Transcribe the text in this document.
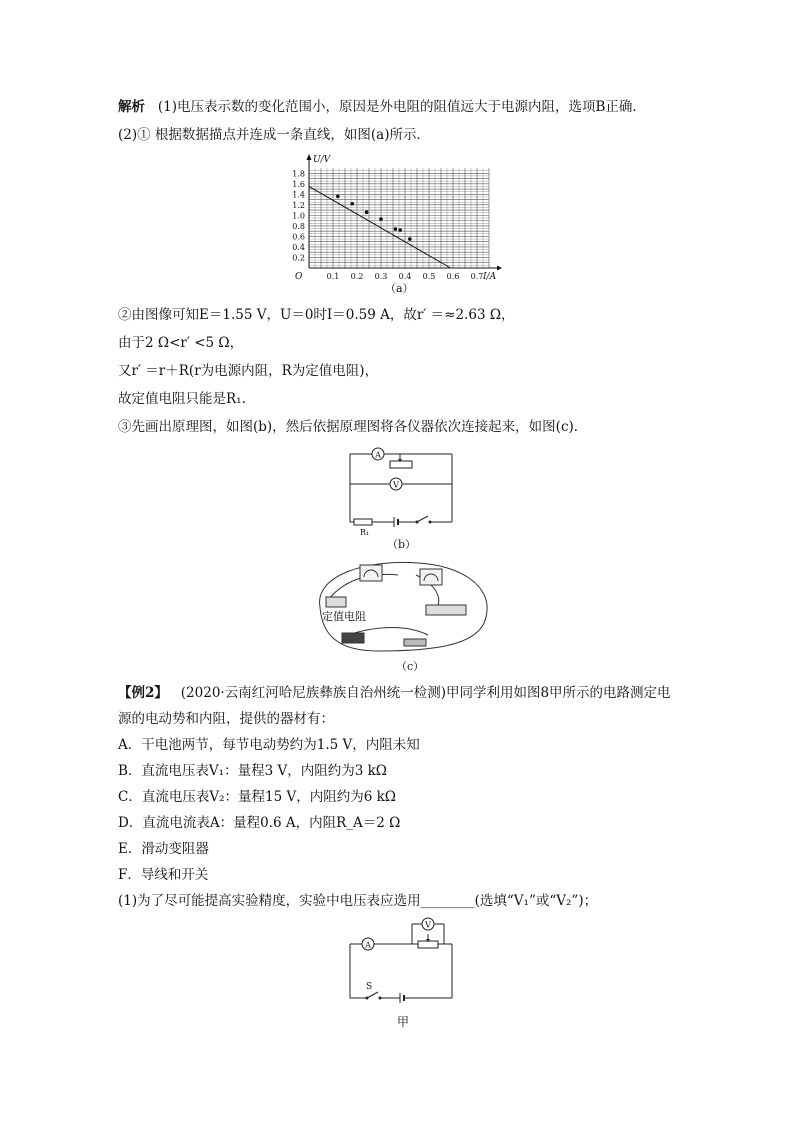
解析 (1)电压表示数的变化范围小，原因是外电阻的阻值远大于电源内阻，选项B正确．
(2)① 根据数据描点并连成一条直线，如图(a)所示．
0.2
0.4
0.6
0.8
1.0
1.2
1.4
1.6
1.8
0.1 0.2 0.3 0.4 0.5 0.6 0.7
O
U/V
I/A
（a）
②由图像可知E＝1.55 V，U＝0时I＝0.59 A，故r′ ＝≈2.63 Ω，
由于2 Ω<r′ <5 Ω，
又r′ ＝r＋R(r为电源内阻，R为定值电阻)，
故定值电阻只能是R₁.
③先画出原理图，如图(b)，然后依据原理图将各仪器依次连接起来，如图(c)．
A
V
R₁
（b）
定值电阻
（c）
【例2】 (2020·云南红河哈尼族彝族自治州统一检测)甲同学利用如图8甲所示的电路测定电
源的电动势和内阻，提供的器材有：
A．干电池两节，每节电动势约为1.5 V，内阻未知
B．直流电压表V₁：量程3 V，内阻约为3 kΩ
C．直流电压表V₂：量程15 V，内阻约为6 kΩ
D．直流电流表A：量程0.6 A，内阻R_A＝2 Ω
E．滑动变阻器
F．导线和开关
(1)为了尽可能提高实验精度，实验中电压表应选用________(选填“V₁”或“V₂”)；
A
V
S
甲
